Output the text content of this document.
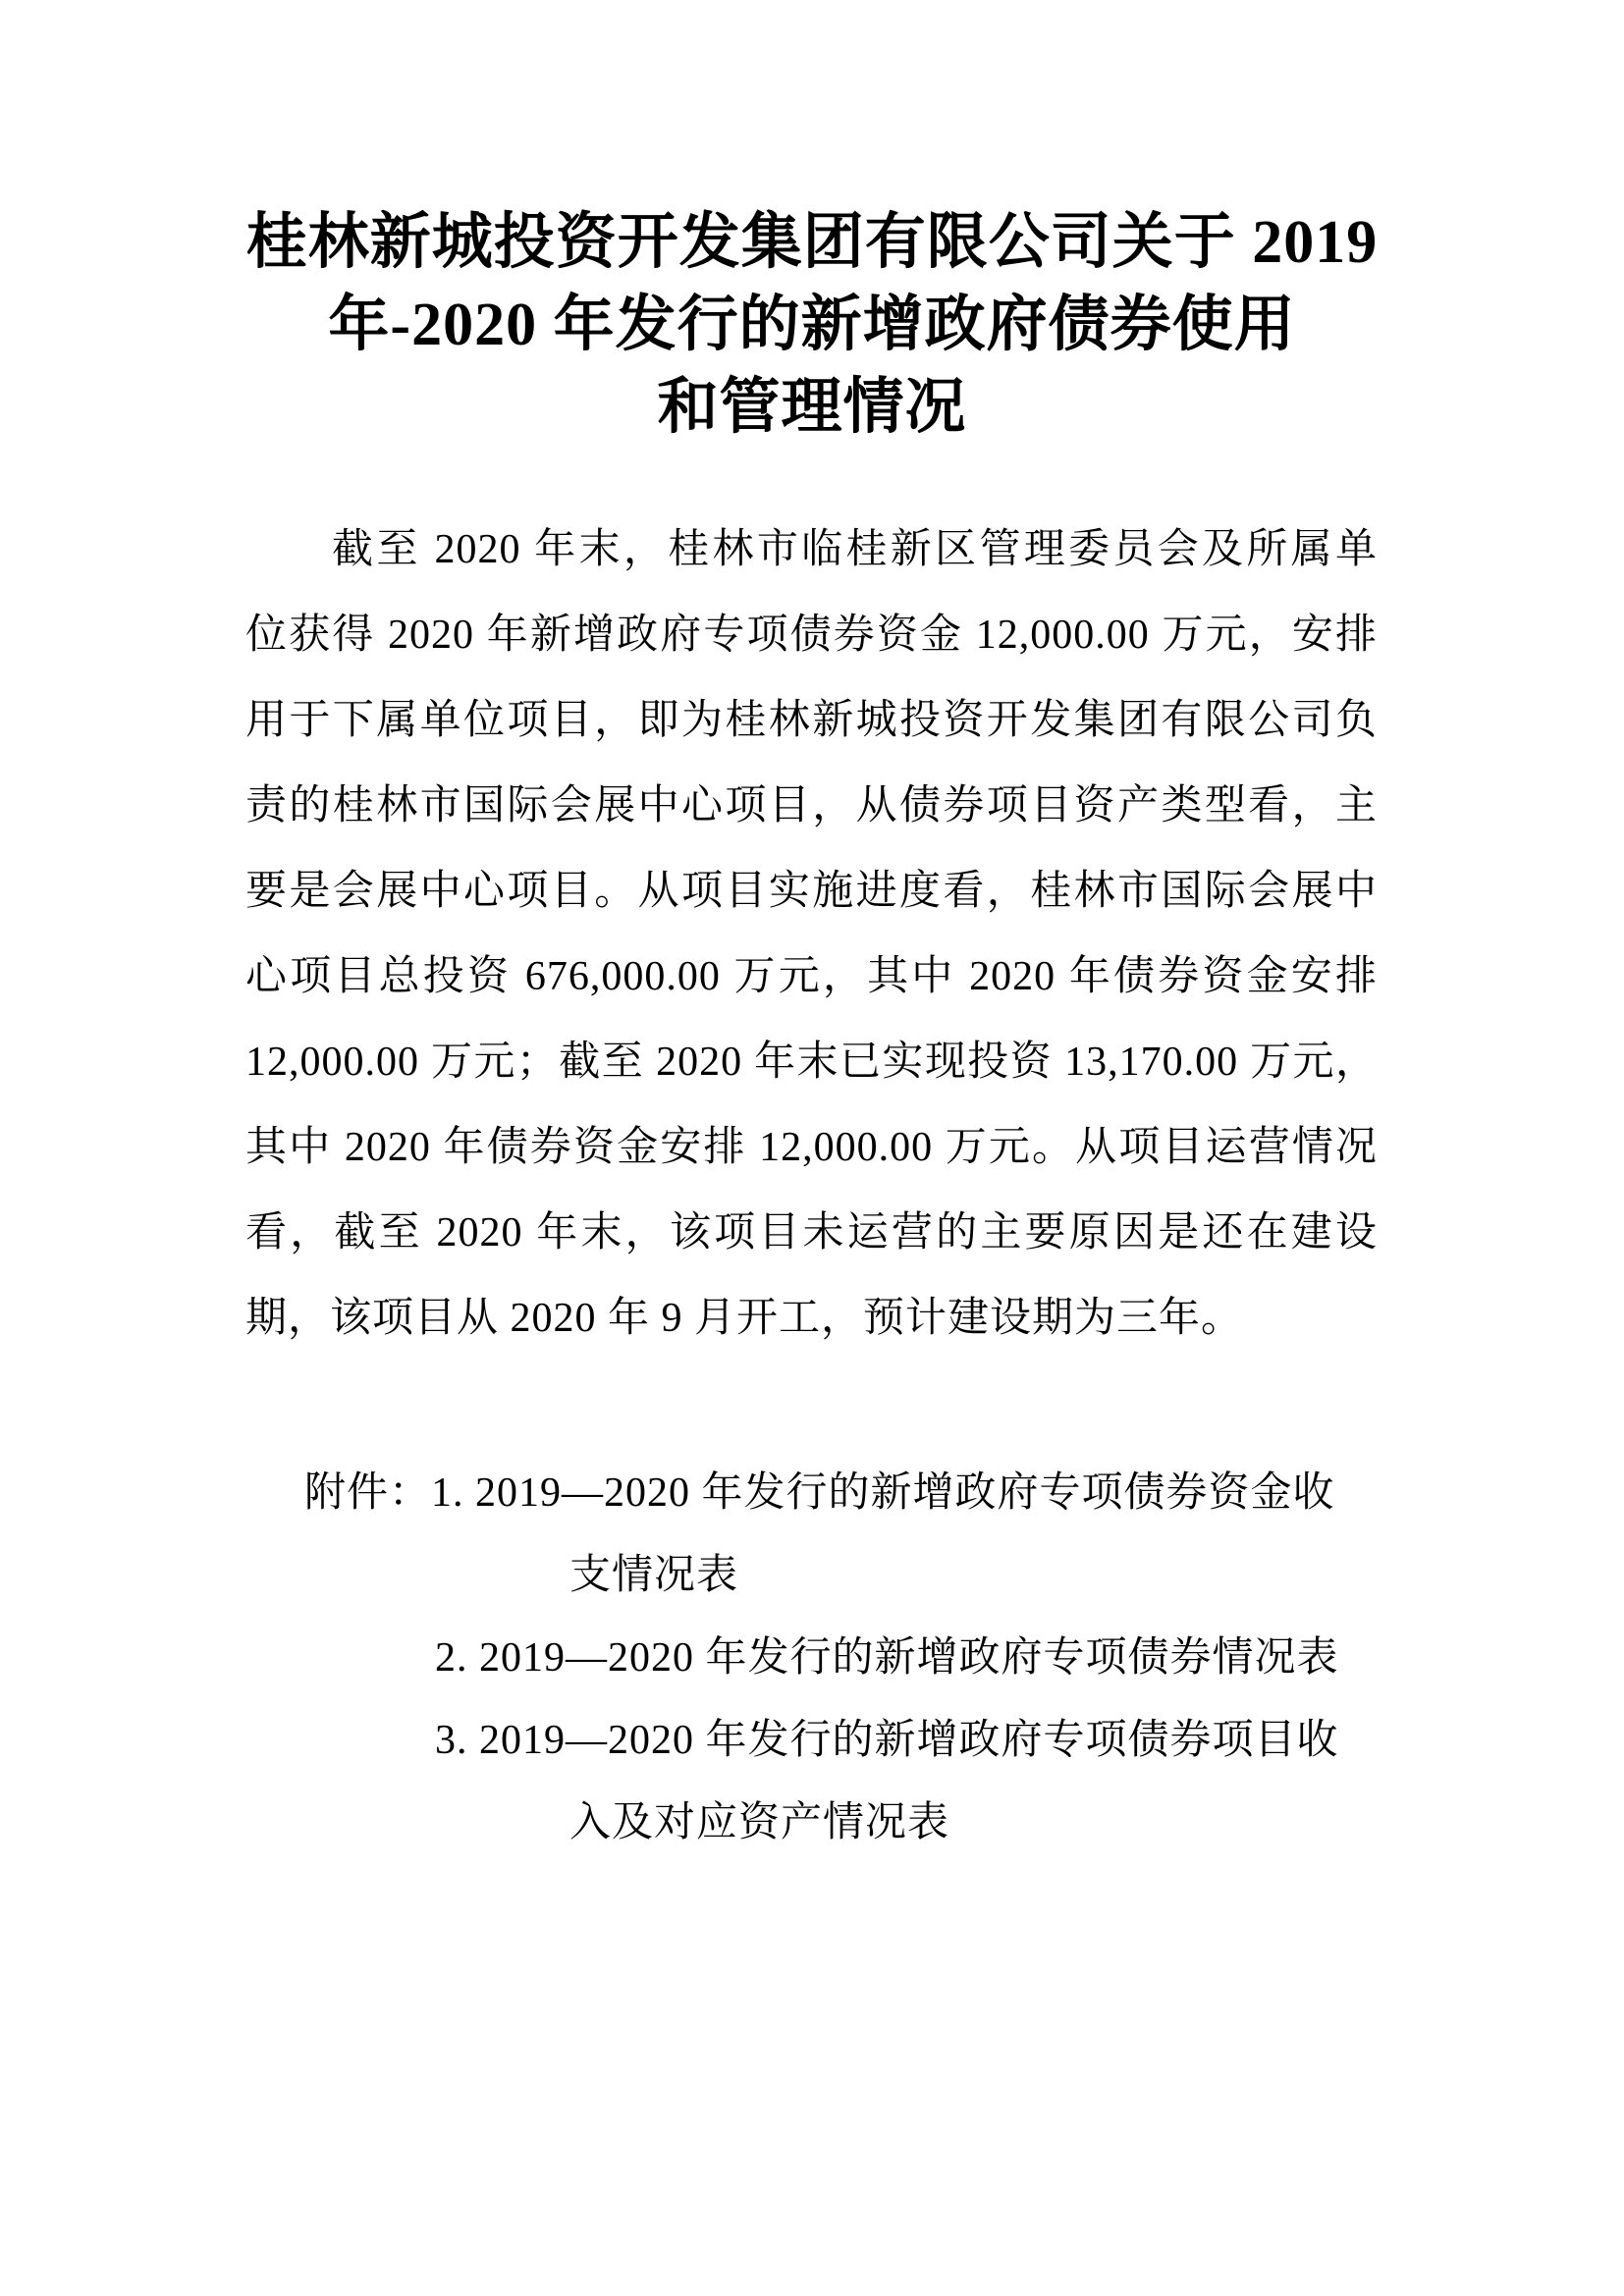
桂林新城投资开发集团有限公司关于 2019
年-2020 年发行的新增政府债券使用
和管理情况
截至 2020 年末，桂林市临桂新区管理委员会及所属单
位获得 2020 年新增政府专项债券资金 12,000.00 万元，安排
用于下属单位项目，即为桂林新城投资开发集团有限公司负
责的桂林市国际会展中心项目，从债券项目资产类型看，主
要是会展中心项目。从项目实施进度看，桂林市国际会展中
心项目总投资 676,000.00 万元，其中 2020 年债券资金安排
12,000.00 万元；截至 2020 年末已实现投资 13,170.00 万元，
其中 2020 年债券资金安排 12,000.00 万元。从项目运营情况
看，截至 2020 年末，该项目未运营的主要原因是还在建设
期，该项目从 2020 年 9 月开工，预计建设期为三年。
附件：1. 2019—2020 年发行的新增政府专项债券资金收
支情况表
2. 2019—2020 年发行的新增政府专项债券情况表
3. 2019—2020 年发行的新增政府专项债券项目收
入及对应资产情况表
